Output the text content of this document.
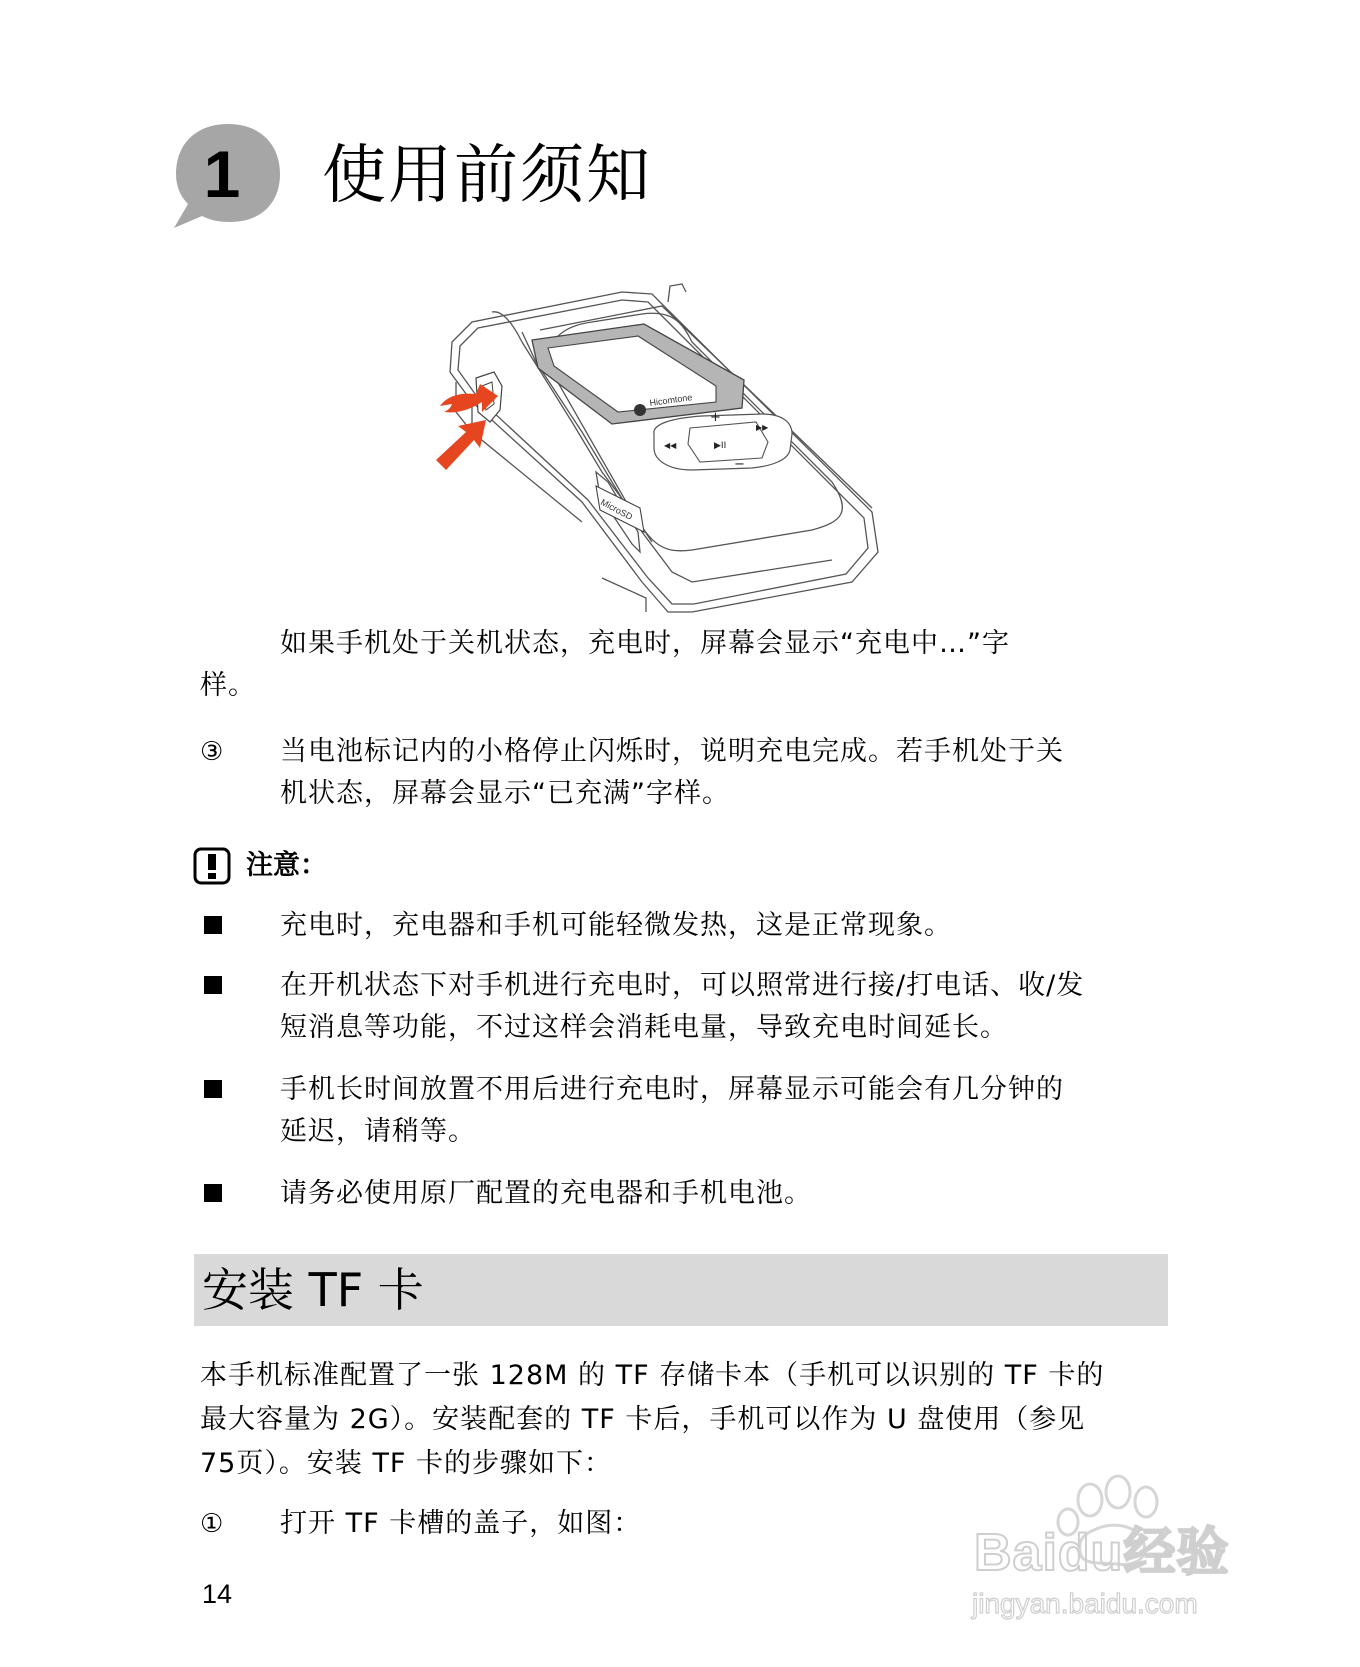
1 使用前须知
Hicomtone
+
−
▶II
▶▶
◀◀
MicroSD
如果手机处于关机状态，充电时，屏幕会显示“充电中…”字
样。
③ 当电池标记内的小格停止闪烁时，说明充电完成。若手机处于关
机状态，屏幕会显示“已充满”字样。
注意：
充电时，充电器和手机可能轻微发热，这是正常现象。
在开机状态下对手机进行充电时，可以照常进行接/打电话、收/发
短消息等功能，不过这样会消耗电量，导致充电时间延长。
手机长时间放置不用后进行充电时，屏幕显示可能会有几分钟的
延迟，请稍等。
请务必使用原厂配置的充电器和手机电池。
安装 TF 卡
本手机标准配置了一张 128M 的 TF 存储卡本（手机可以识别的 TF 卡的
最大容量为 2G）。安装配套的 TF 卡后，手机可以作为 U 盘使用（参见
75页）。安装 TF 卡的步骤如下：
① 打开 TF 卡槽的盖子，如图：
14
Baidu经验
jingyan.baidu.com
